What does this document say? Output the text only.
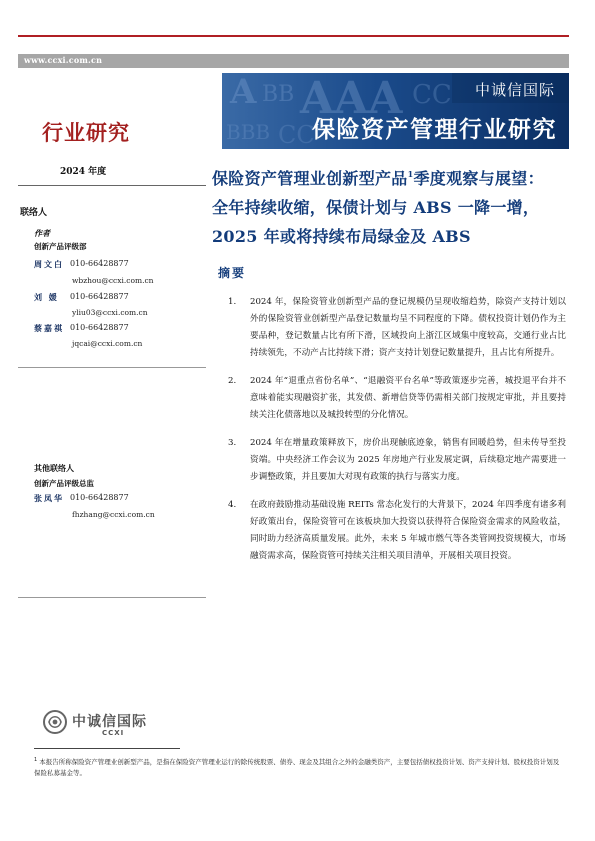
www.ccxi.com.cn
A BB AAA CC
BBB CC
中诚信国际
保险资产管理行业研究
行业研究
2024 年度
联络人
作者
创新产品评级部
周文白 010-66428877
wbzhou@ccxi.com.cn
刘 媛 010-66428877
yliu03@ccxi.com.cn
蔡嘉祺 010-66428877
jqcai@ccxi.com.cn
其他联络人
创新产品评级总监
张凤华 010-66428877
fhzhang@ccxi.com.cn
保险资产管理业创新型产品$^1$季度观察与展望：
全年持续收缩，保债计划与 ABS 一降一增，
2025 年或将持续布局绿金及 ABS
摘要
1. 2024 年，保险资管业创新型产品的登记规模仍呈现收缩趋势，除资产支持计划以外的保险资管业创新型产品登记数量均呈不同程度的下降。债权投资计划仍作为主要品种，登记数量占比有所下滑，区域投向上浙江区域集中度较高，交通行业占比持续领先，不动产占比持续下滑；资产支持计划登记数量提升，且占比有所提升。
2. 2024 年“退重点省份名单”、“退融资平台名单”等政策逐步完善，城投退平台并不意味着能实现融资扩张，其发债、新增信贷等仍需相关部门按规定审批，并且要持续关注化债落地以及城投转型的分化情况。
3. 2024 年在增量政策释放下，房价出现触底迹象，销售有回暖趋势，但未传导至投资端。中央经济工作会议为 2025 年房地产行业发展定调，后续稳定地产需要进一步调整政策，并且要加大对现有政策的执行与落实力度。
4. 在政府鼓励推动基础设施 REITs 常态化发行的大背景下，2024 年四季度有诸多利好政策出台，保险资管可在该板块加大投资以获得符合保险资金需求的风险收益，同时助力经济高质量发展。此外，未来 5 年城市燃气等各类管网投资规模大，市场融资需求高，保险资管可持续关注相关项目清单，开展相关项目投资。
中诚信国际
CCXI
$^1$ 本报告所称保险资产管理业创新型产品，是指在保险资产管理业运行的除传统股票、债券、现金及其组合之外的金融类资产，主要包括债权投资计划、资产支持计划、股权投资计划及保险私募基金等。
